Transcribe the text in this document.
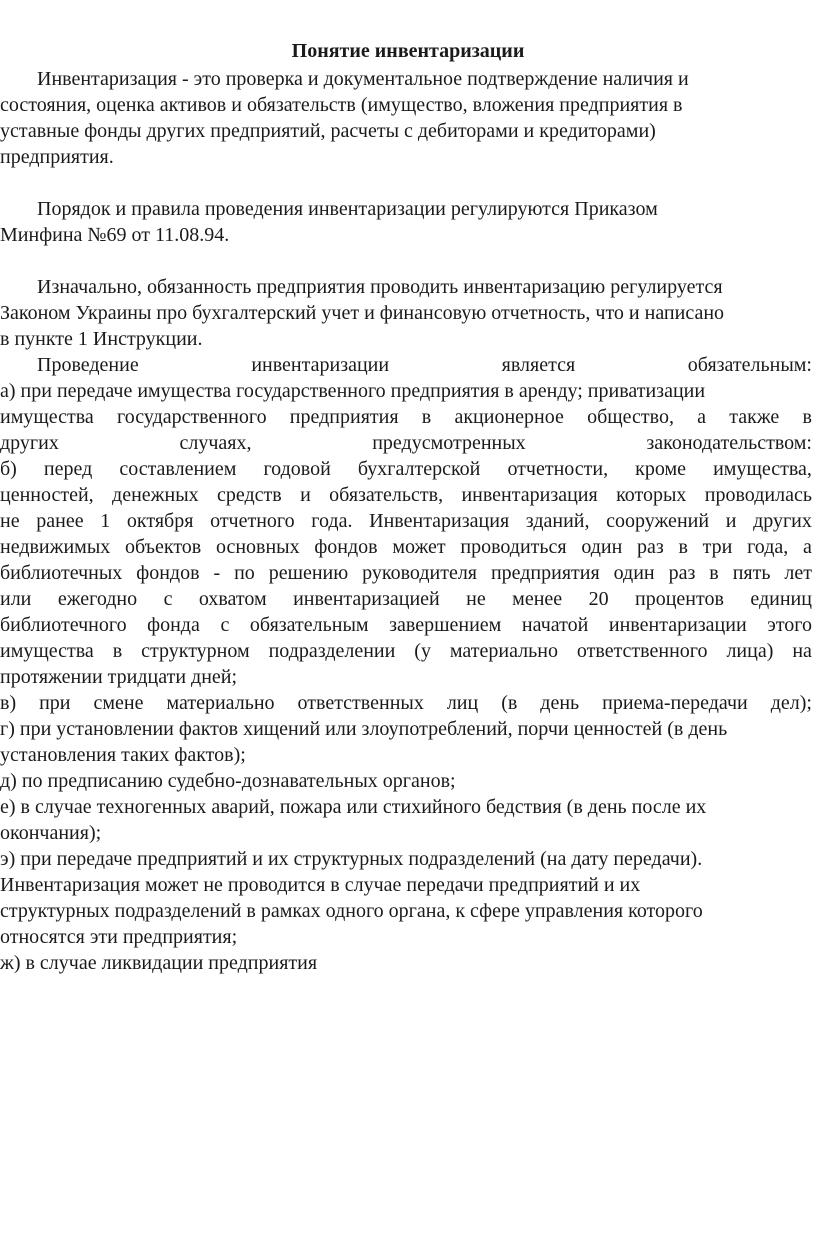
Понятие инвентаризации
Инвентаризация - это проверка и документальное подтверждение наличия и
состояния, оценка активов и обязательств (имущество, вложения предприятия в
уставные фонды других предприятий, расчеты с дебиторами и кредиторами)
предприятия.
Порядок и правила проведения инвентаризации регулируются Приказом
Минфина №69 от 11.08.94.
Изначально, обязанность предприятия проводить инвентаризацию регулируется
Законом Украины про бухгалтерский учет и финансовую отчетность, что и написано
в пункте 1 Инструкции.
Проведение	инвентаризации	является	обязательным:
а) при передаче имущества государственного предприятия в аренду; приватизации
имущества государственного предприятия в акционерное общество, а также в
других	случаях,	предусмотренных	законодательством:
б) перед составлением годовой бухгалтерской отчетности, кроме имущества,
ценностей, денежных средств и обязательств, инвентаризация которых проводилась
не ранее 1 октября отчетного года. Инвентаризация зданий, сооружений и других
недвижимых объектов основных фондов может проводиться один раз в три года, а
библиотечных фондов - по решению руководителя предприятия один раз в пять лет
или ежегодно с охватом инвентаризацией не менее 20 процентов единиц
библиотечного фонда с обязательным завершением начатой инвентаризации этого
имущества в структурном подразделении (у материально ответственного лица) на
протяжении тридцати дней;
в) при смене материально ответственных лиц (в день приема-передачи дел);
г) при установлении фактов хищений или злоупотреблений, порчи ценностей (в день
установления таких фактов);
д) по предписанию судебно-дознавательных органов;
е) в случае техногенных аварий, пожара или стихийного бедствия (в день после их
окончания);
э) при передаче предприятий и их структурных подразделений (на дату передачи).
Инвентаризация может не проводится в случае передачи предприятий и их
структурных подразделений в рамках одного органа, к сфере управления которого
относятся эти предприятия;
ж) в случае ликвидации предприятия
